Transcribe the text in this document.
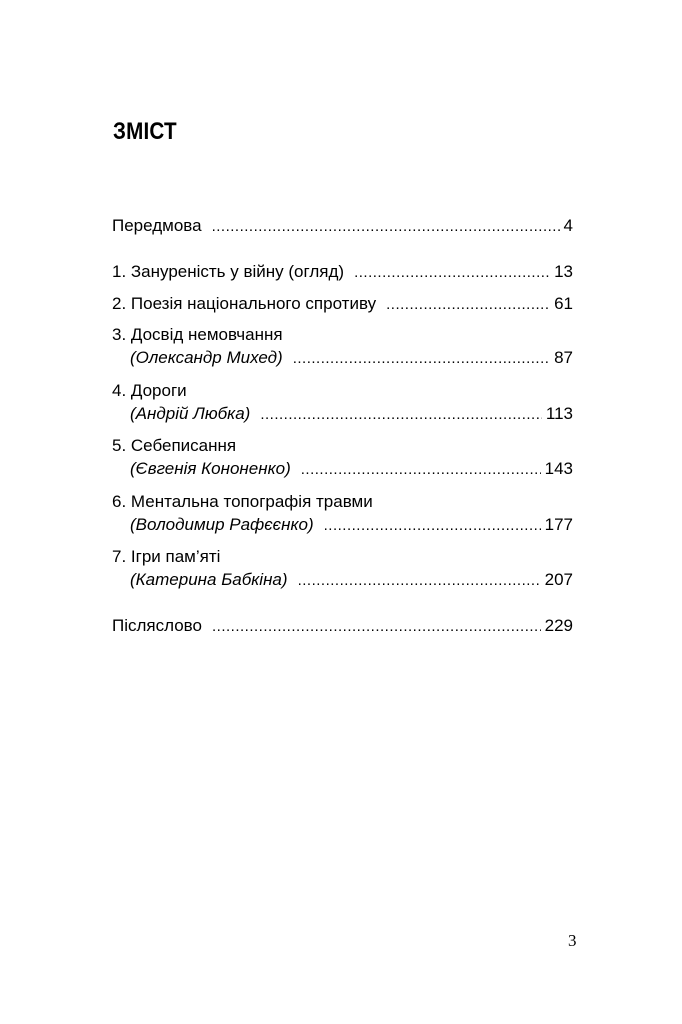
ЗМІСТ
Передмова .....	4
1. Зануреність у війну (огляд) .....	13
2. Поезія національного спротиву .....	61
3. Досвід немовчання
(Олександр Михед) .....	87
4. Дороги
(Андрій Любка) .....	113
5. Себеписання
(Євгенія Кононенко) .....	143
6. Ментальна топографія травми
(Володимир Рафєєнко) .....	177
7. Ігри пам’яті
(Катерина Бабкіна) .....	207
Післяслово .....	229
3
